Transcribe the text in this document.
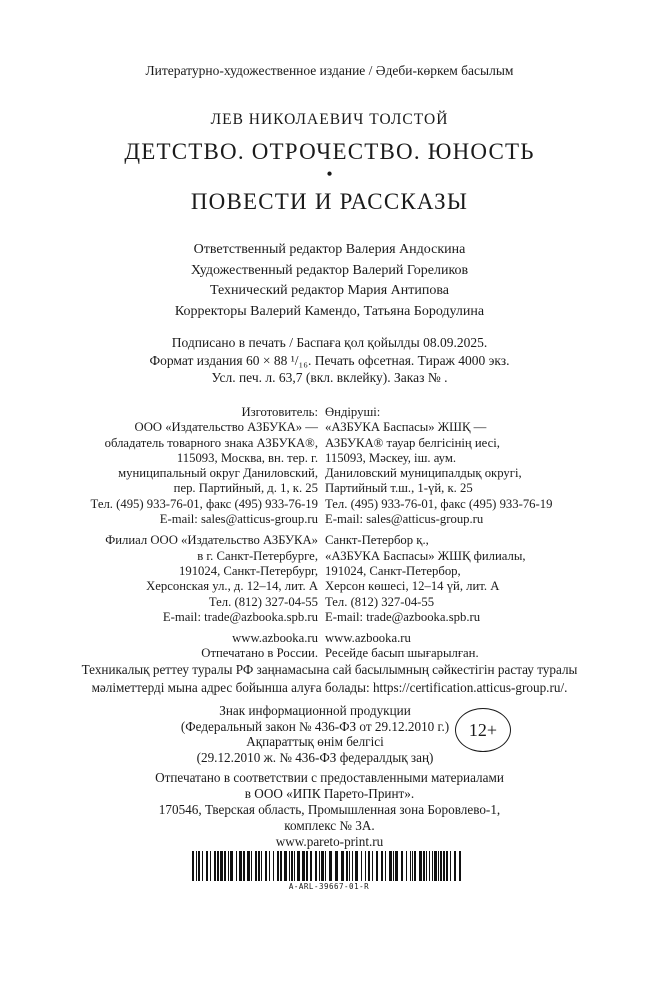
Литературно-художественное издание / Әдеби-көркем басылым
ЛЕВ НИКОЛАЕВИЧ ТОЛСТОЙ
ДЕТСТВО. ОТРОЧЕСТВО. ЮНОСТЬ
•
ПОВЕСТИ И РАССКАЗЫ
Ответственный редактор Валерия Андоскина
Художественный редактор Валерий Гореликов
Технический редактор Мария Антипова
Корректоры Валерий Камендо, Татьяна Бородулина
Подписано в печать / Баспаға қол қойылды 08.09.2025.
Формат издания 60 × 88 ¹/₁₆. Печать офсетная. Тираж 4000 экз.
Усл. печ. л. 63,7 (вкл. вклейку). Заказ № .
Изготовитель:
ООО «Издательство АЗБУКА» —
обладатель товарного знака АЗБУКА®,
115093, Москва, вн. тер. г.
муниципальный округ Даниловский,
пер. Партийный, д. 1, к. 25
Тел. (495) 933-76-01, факс (495) 933-76-19
E-mail: sales@atticus-group.ru
Филиал ООО «Издательство АЗБУКА»
в г. Санкт-Петербурге,
191024, Санкт-Петербург,
Херсонская ул., д. 12–14, лит. А
Тел. (812) 327-04-55
E-mail: trade@azbooka.spb.ru
www.azbooka.ru
Отпечатано в России.
Өндіруші:
«АЗБУКА Баспасы» ЖШҚ —
АЗБУКА® тауар белгісінің иесі,
115093, Мәскеу, іш. аум.
Даниловский муниципалдық округі,
Партийный т.ш., 1-үй, к. 25
Тел. (495) 933-76-01, факс (495) 933-76-19
E-mail: sales@atticus-group.ru
Санкт-Петербор қ.,
«АЗБУКА Баспасы» ЖШҚ филиалы,
191024, Санкт-Петербор,
Херсон көшесі, 12–14 үй, лит. А
Тел. (812) 327-04-55
E-mail: trade@azbooka.spb.ru
www.azbooka.ru
Ресейде басып шығарылған.
Техникалық реттеу туралы РФ заңнамасына сай басылымның сәйкестігін растау туралы
мәліметтерді мына адрес бойынша алуға болады: https://certification.atticus-group.ru/.
Знак информационной продукции
(Федеральный закон № 436-ФЗ от 29.12.2010 г.)
Ақпараттық өнім белгісі
(29.12.2010 ж. № 436-ФЗ федералдық заң)
12+
Отпечатано в соответствии с предоставленными материалами
в ООО «ИПК Парето-Принт».
170546, Тверская область, Промышленная зона Боровлево-1,
комплекс № 3А.
www.pareto-print.ru
A-ARL-39667-01-R
